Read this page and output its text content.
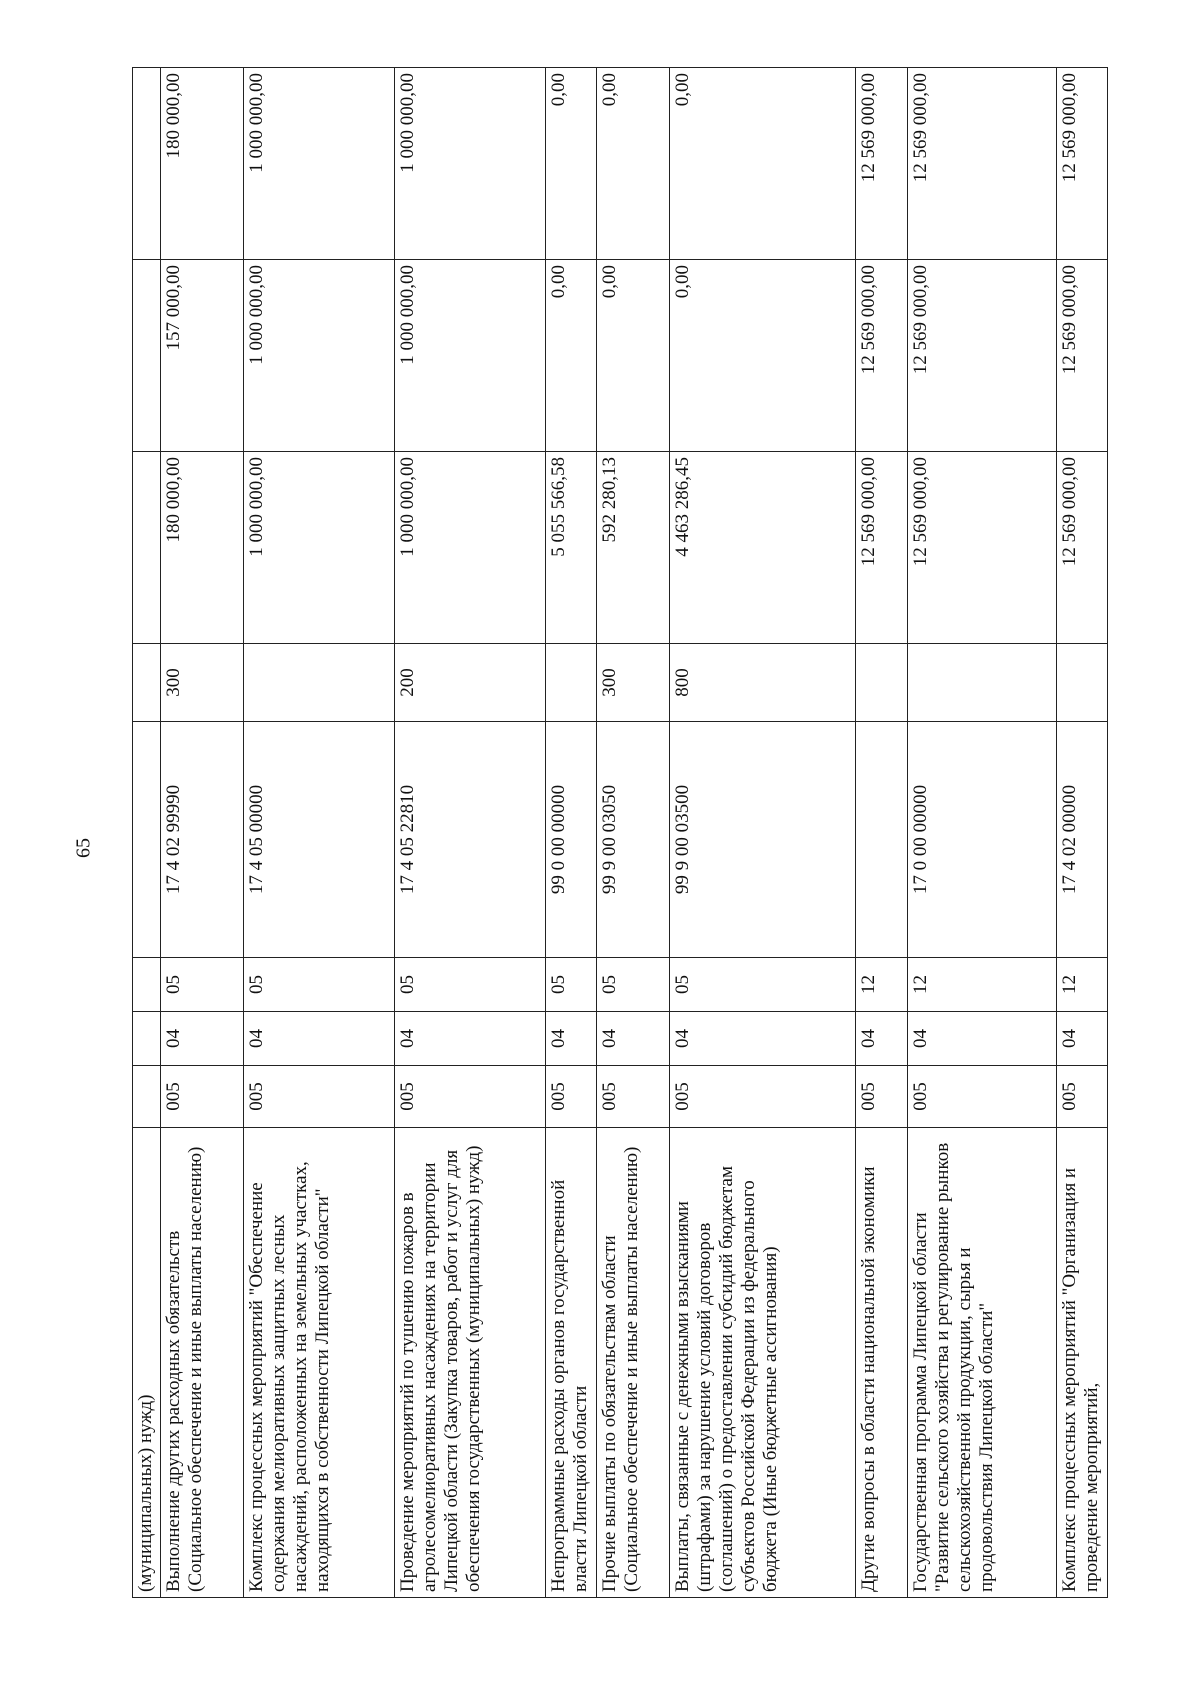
65
(муниципальных) нужд)								
Выполнение других расходных обязательств (Социальное обеспечение и иные выплаты населению)	005	04	05	17 4 02 99990	300	180 000,00	157 000,00	180 000,00
Комплекс процессных мероприятий "Обеспечение содержания мелиоративных защитных лесных насаждений, расположенных на земельных участках, находящихся в собственности Липецкой области"	005	04	05	17 4 05 00000		1 000 000,00	1 000 000,00	1 000 000,00
Проведение мероприятий по тушению пожаров в агролесомелиоративных насаждениях на территории Липецкой области (Закупка товаров, работ и услуг для обеспечения государственных (муниципальных) нужд)	005	04	05	17 4 05 22810	200	1 000 000,00	1 000 000,00	1 000 000,00
Непрограммные расходы органов государственной власти Липецкой области	005	04	05	99 0 00 00000		5 055 566,58	0,00	0,00
Прочие выплаты по обязательствам области (Социальное обеспечение и иные выплаты населению)	005	04	05	99 9 00 03050	300	592 280,13	0,00	0,00
Выплаты, связанные с денежными взысканиями (штрафами) за нарушение условий договоров (соглашений) о предоставлении субсидий бюджетам субъектов Российской Федерации из федерального бюджета (Иные бюджетные ассигнования)	005	04	05	99 9 00 03500	800	4 463 286,45	0,00	0,00
Другие вопросы в области национальной экономики	005	04	12			12 569 000,00	12 569 000,00	12 569 000,00
Государственная программа Липецкой области "Развитие сельского хозяйства и регулирование рынков сельскохозяйственной продукции, сырья и продовольствия Липецкой области"	005	04	12	17 0 00 00000		12 569 000,00	12 569 000,00	12 569 000,00
Комплекс процессных мероприятий "Организация и проведение мероприятий,	005	04	12	17 4 02 00000		12 569 000,00	12 569 000,00	12 569 000,00
